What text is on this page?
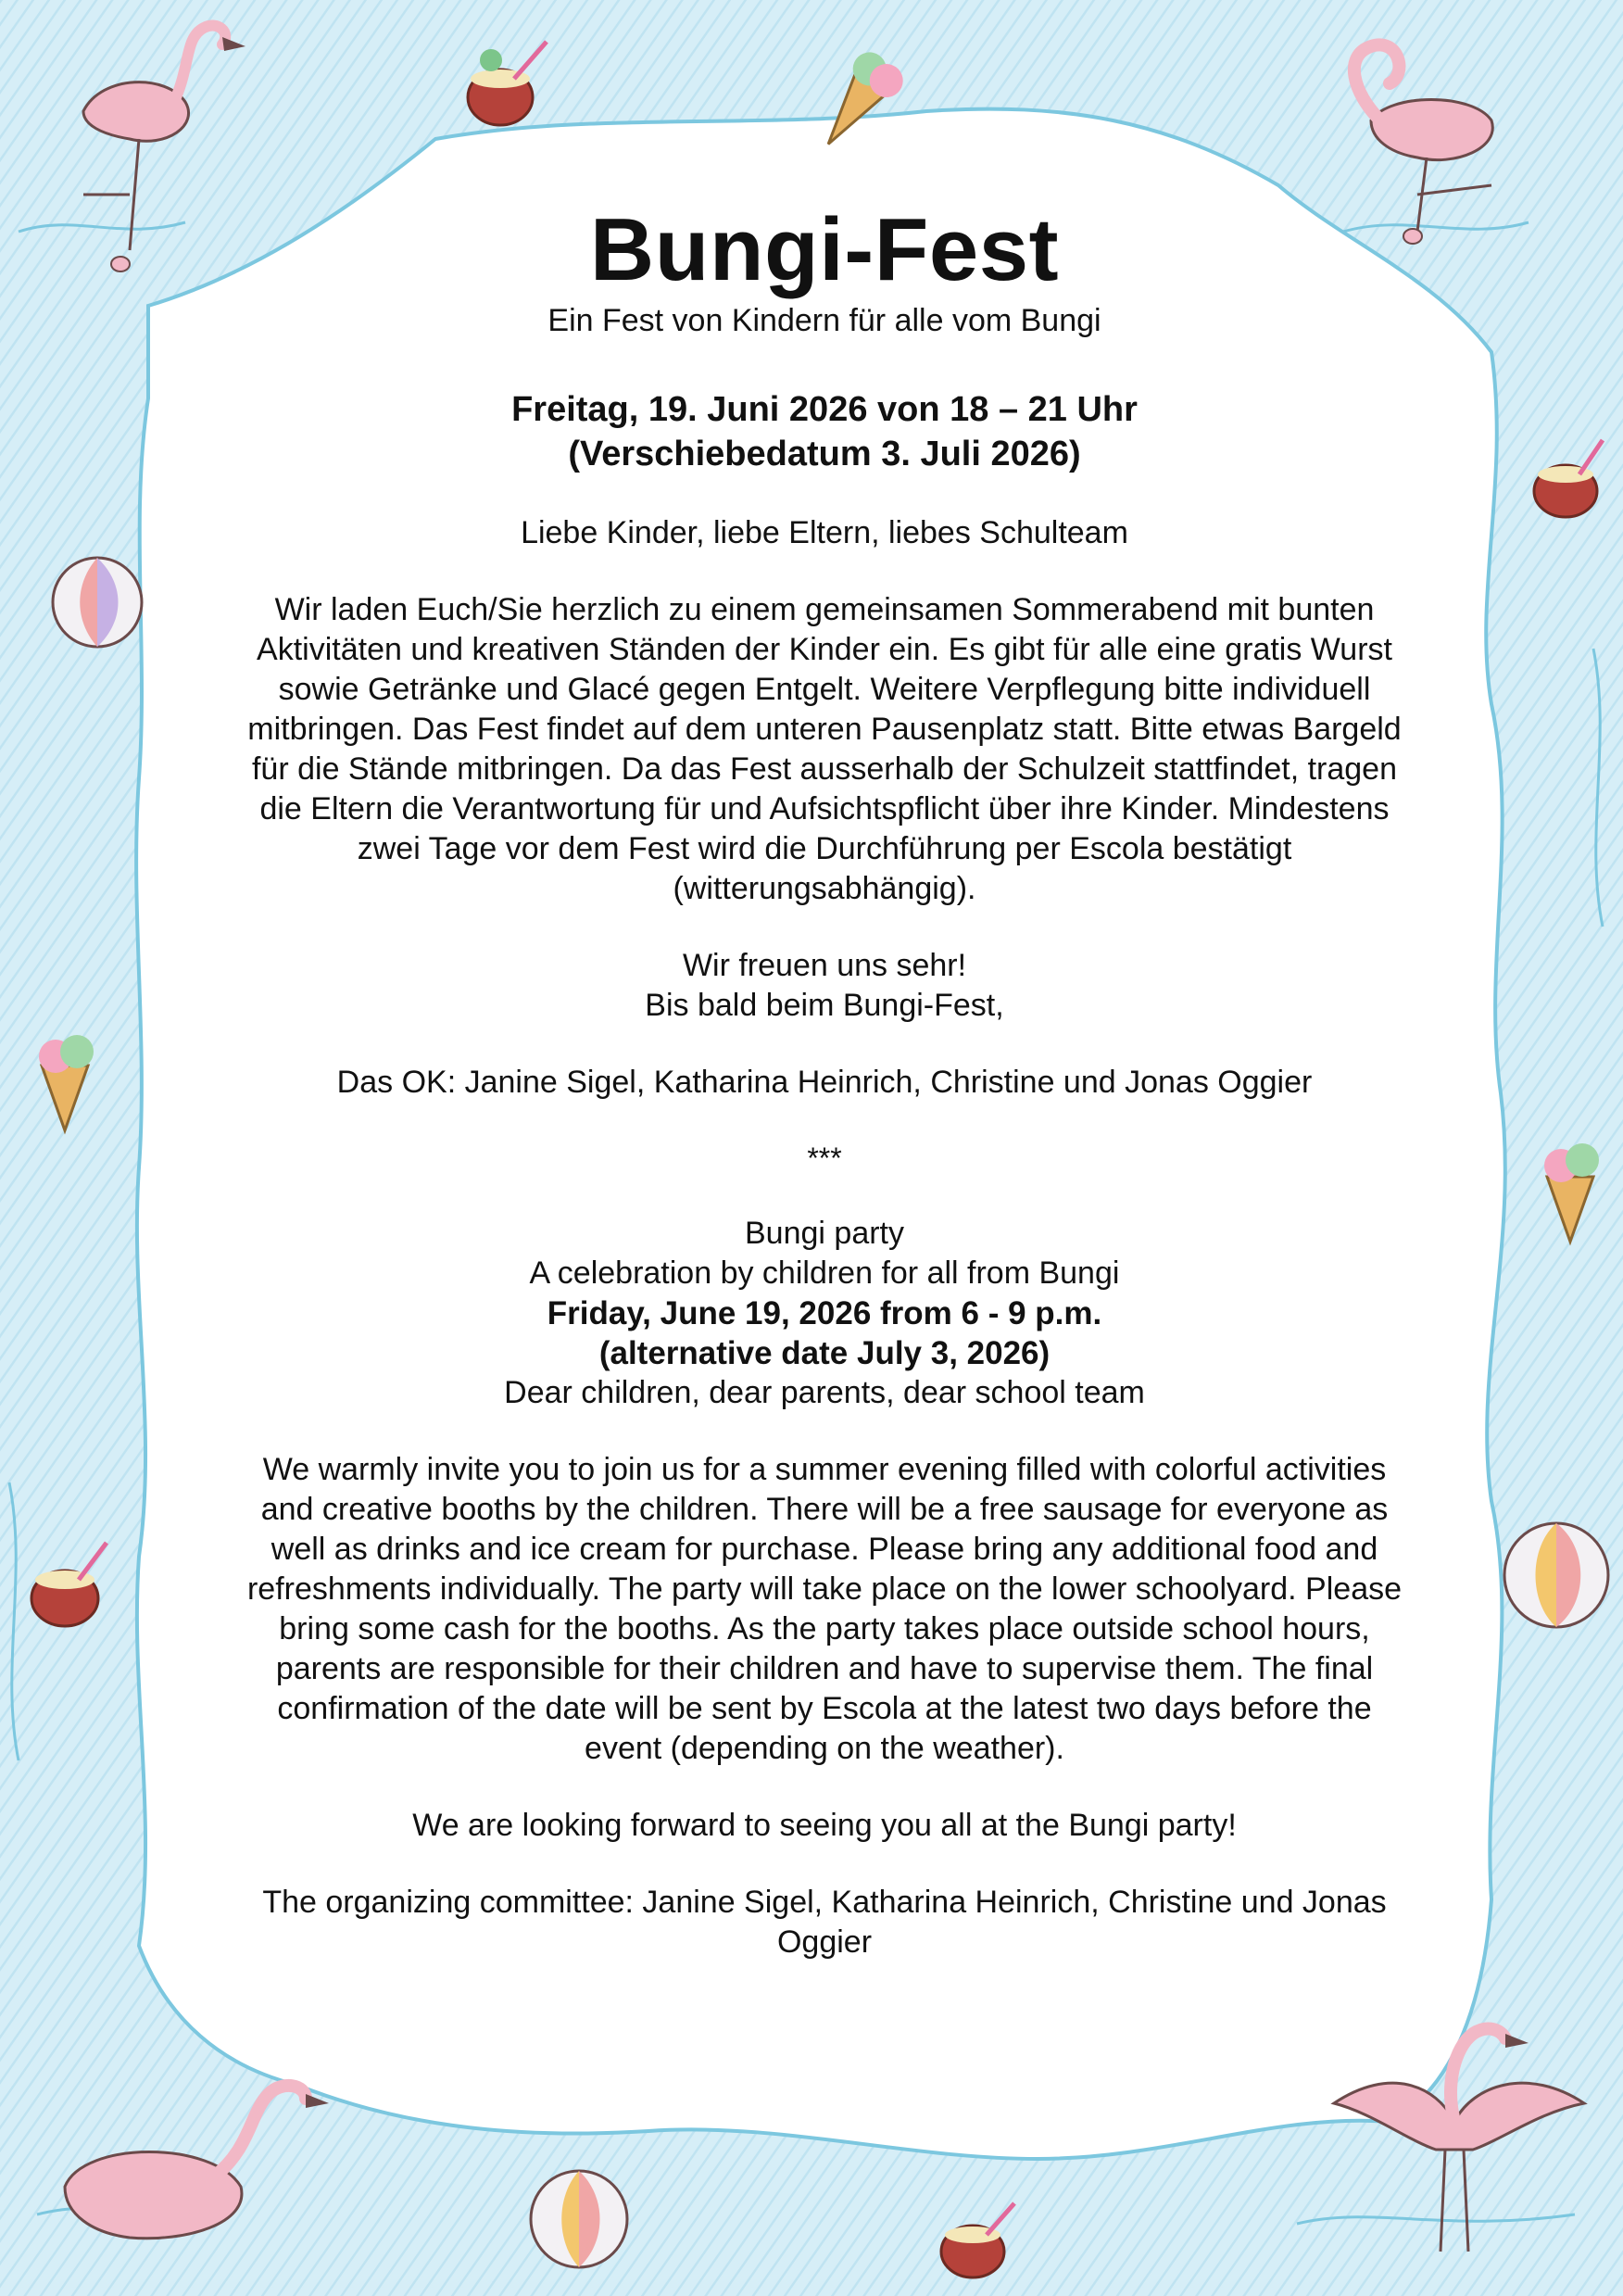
Bungi-Fest
Ein Fest von Kindern für alle vom Bungi
Freitag, 19. Juni 2026 von 18 – 21 Uhr
(Verschiebedatum 3. Juli 2026)
Liebe Kinder, liebe Eltern, liebes Schulteam
Wir laden Euch/Sie herzlich zu einem gemeinsamen Sommerabend mit bunten
Aktivitäten und kreativen Ständen der Kinder ein. Es gibt für alle eine gratis Wurst
sowie Getränke und Glacé gegen Entgelt. Weitere Verpflegung bitte individuell
mitbringen. Das Fest findet auf dem unteren Pausenplatz statt. Bitte etwas Bargeld
für die Stände mitbringen. Da das Fest ausserhalb der Schulzeit stattfindet, tragen
die Eltern die Verantwortung für und Aufsichtspflicht über ihre Kinder. Mindestens
zwei Tage vor dem Fest wird die Durchführung per Escola bestätigt
(witterungsabhängig).
Wir freuen uns sehr!
Bis bald beim Bungi-Fest,
Das OK: Janine Sigel, Katharina Heinrich, Christine und Jonas Oggier
***
Bungi party
A celebration by children for all from Bungi
Friday, June 19, 2026 from 6 - 9 p.m.
(alternative date July 3, 2026)
Dear children, dear parents, dear school team
We warmly invite you to join us for a summer evening filled with colorful activities
and creative booths by the children. There will be a free sausage for everyone as
well as drinks and ice cream for purchase. Please bring any additional food and
refreshments individually. The party will take place on the lower schoolyard. Please
bring some cash for the booths. As the party takes place outside school hours,
parents are responsible for their children and have to supervise them. The final
confirmation of the date will be sent by Escola at the latest two days before the
event (depending on the weather).
We are looking forward to seeing you all at the Bungi party!
The organizing committee: Janine Sigel, Katharina Heinrich, Christine und Jonas
Oggier
